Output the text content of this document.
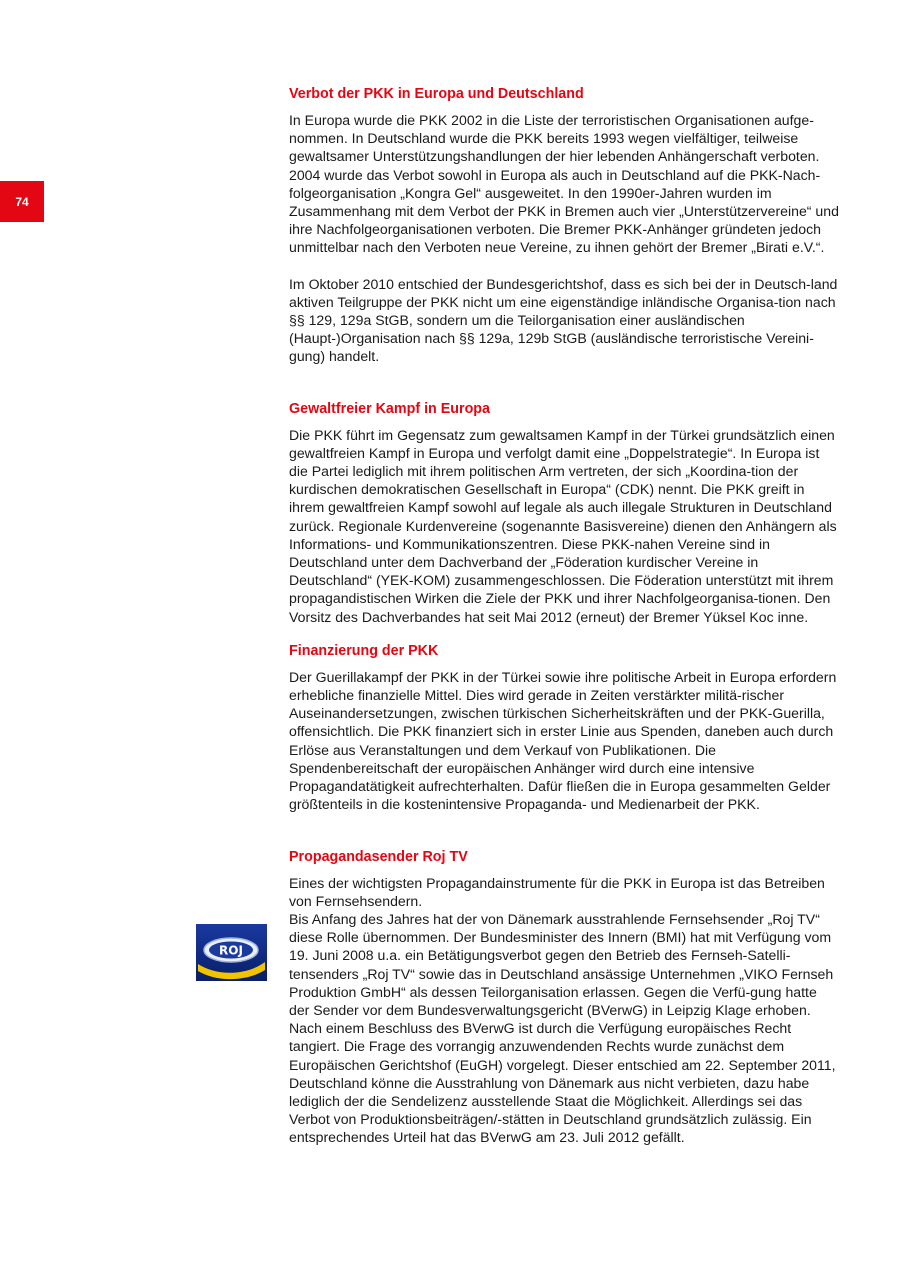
74
ROJ
Verbot der PKK in Europa und Deutschland

In Europa wurde die PKK 2002 in die Liste der terroristischen Organisationen aufge-nommen. In Deutschland wurde die PKK bereits 1993 wegen vielfältiger, teilweise gewaltsamer Unterstützungshandlungen der hier lebenden Anhängerschaft verboten. 2004 wurde das Verbot sowohl in Europa als auch in Deutschland auf die PKK-Nach-folgeorganisation „Kongra Gel“ ausgeweitet. In den 1990er-Jahren wurden im Zusammenhang mit dem Verbot der PKK in Bremen auch vier „Unterstützervereine“ und ihre Nachfolgeorganisationen verboten. Die Bremer PKK-Anhänger gründeten jedoch unmittelbar nach den Verboten neue Vereine, zu ihnen gehört der Bremer „Birati e.V.“.

Im Oktober 2010 entschied der Bundesgerichtshof, dass es sich bei der in Deutsch-land aktiven Teilgruppe der PKK nicht um eine eigenständige inländische Organisa-tion nach §§ 129, 129a StGB, sondern um die Teilorganisation einer ausländischen (Haupt-)Organisation nach §§ 129a, 129b StGB (ausländische terroristische Vereini-gung) handelt.

Gewaltfreier Kampf in Europa

Die PKK führt im Gegensatz zum gewaltsamen Kampf in der Türkei grundsätzlich einen gewaltfreien Kampf in Europa und verfolgt damit eine „Doppelstrategie“. In Europa ist die Partei lediglich mit ihrem politischen Arm vertreten, der sich „Koordina-tion der kurdischen demokratischen Gesellschaft in Europa“ (CDK) nennt. Die PKK greift in ihrem gewaltfreien Kampf sowohl auf legale als auch illegale Strukturen in Deutschland zurück. Regionale Kurdenvereine (sogenannte Basisvereine) dienen den Anhängern als Informations- und Kommunikationszentren. Diese PKK-nahen Vereine sind in Deutschland unter dem Dachverband der „Föderation kurdischer Vereine in Deutschland“ (YEK-KOM) zusammengeschlossen. Die Föderation unterstützt mit ihrem propagandistischen Wirken die Ziele der PKK und ihrer Nachfolgeorganisa-tionen. Den Vorsitz des Dachverbandes hat seit Mai 2012 (erneut) der Bremer Yüksel Koc inne.

Finanzierung der PKK

Der Guerillakampf der PKK in der Türkei sowie ihre politische Arbeit in Europa erfordern erhebliche finanzielle Mittel. Dies wird gerade in Zeiten verstärkter militä-rischer Auseinandersetzungen, zwischen türkischen Sicherheitskräften und der PKK-Guerilla, offensichtlich. Die PKK finanziert sich in erster Linie aus Spenden, daneben auch durch Erlöse aus Veranstaltungen und dem Verkauf von Publikationen. Die Spendenbereitschaft der europäischen Anhänger wird durch eine intensive Propagandatätigkeit aufrechterhalten. Dafür fließen die in Europa gesammelten Gelder größtenteils in die kostenintensive Propaganda- und Medienarbeit der PKK.

Propagandasender Roj TV

Eines der wichtigsten Propagandainstrumente für die PKK in Europa ist das Betreiben von Fernsehsendern.

Bis Anfang des Jahres hat der von Dänemark ausstrahlende Fernsehsender „Roj TV“ diese Rolle übernommen. Der Bundesminister des Innern (BMI) hat mit Verfügung vom 19. Juni 2008 u.a. ein Betätigungsverbot gegen den Betrieb des Fernseh-Satelli-tensenders „Roj TV“ sowie das in Deutschland ansässige Unternehmen „VIKO Fernseh Produktion GmbH“ als dessen Teilorganisation erlassen. Gegen die Verfü-gung hatte der Sender vor dem Bundesverwaltungsgericht (BVerwG) in Leipzig Klage erhoben. Nach einem Beschluss des BVerwG ist durch die Verfügung europäisches Recht tangiert. Die Frage des vorrangig anzuwendenden Rechts wurde zunächst dem Europäischen Gerichtshof (EuGH) vorgelegt. Dieser entschied am 22. September 2011, Deutschland könne die Ausstrahlung von Dänemark aus nicht verbieten, dazu habe lediglich der die Sendelizenz ausstellende Staat die Möglichkeit. Allerdings sei das Verbot von Produktionsbeiträgen/-stätten in Deutschland grundsätzlich zulässig. Ein entsprechendes Urteil hat das BVerwG am 23. Juli 2012 gefällt.
